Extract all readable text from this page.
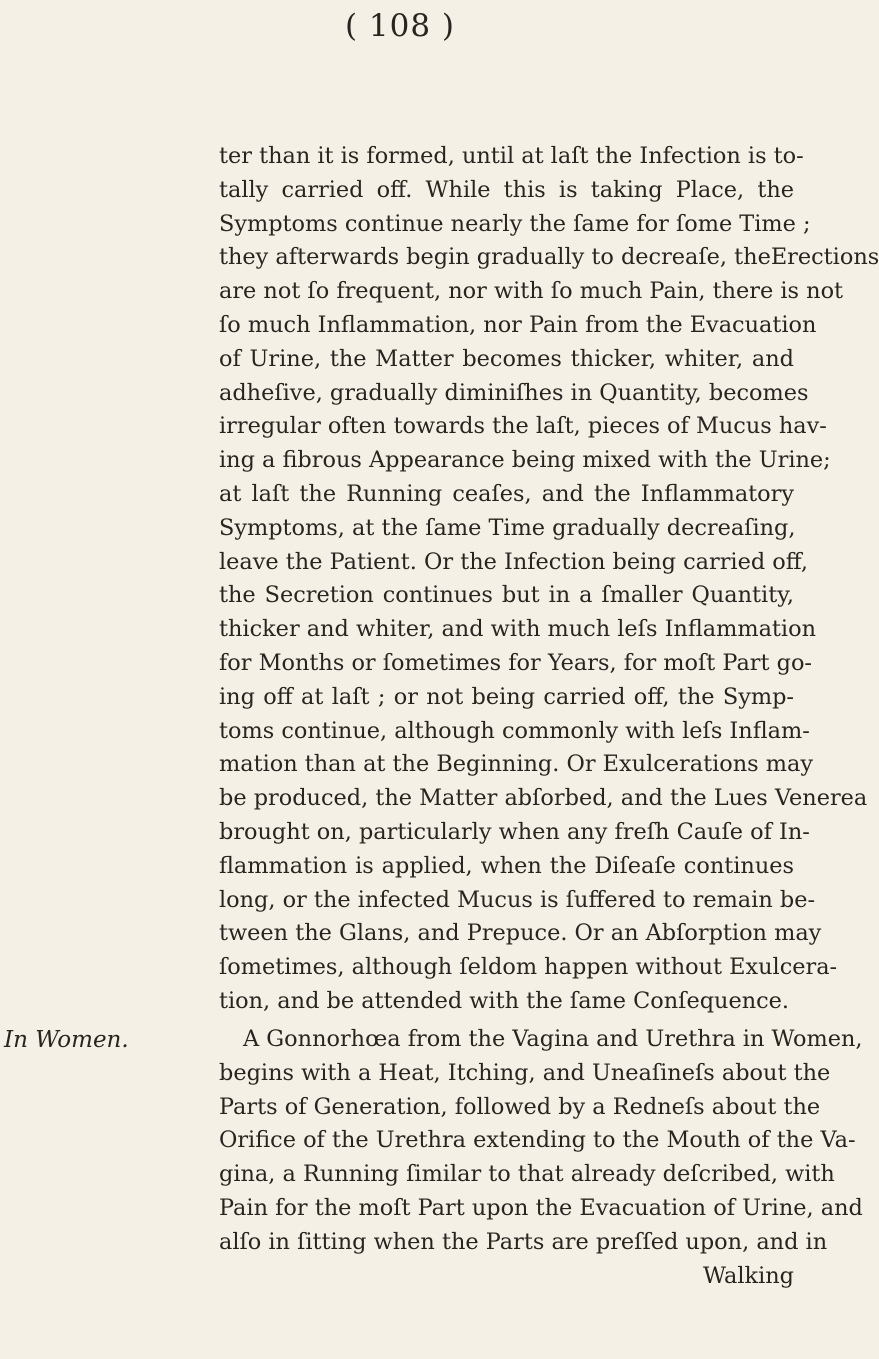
( 108 )
In Women.
ter than it is formed, until at laſt the Infection is to-
tally carried off. While this is taking Place, the
Symptoms continue nearly the ſame for ſome Time ;
they afterwards begin gradually to decreaſe, theErections
are not ſo frequent, nor with ſo much Pain, there is not
ſo much Inflammation, nor Pain from the Evacuation
of Urine, the Matter becomes thicker, whiter, and
adheſive, gradually diminiſhes in Quantity, becomes
irregular often towards the laſt, pieces of Mucus hav-
ing a fibrous Appearance being mixed with the Urine;
at laſt the Running ceaſes, and the Inflammatory
Symptoms, at the ſame Time gradually decreaſing,
leave the Patient. Or the Infection being carried off,
the Secretion continues but in a ſmaller Quantity,
thicker and whiter, and with much leſs Inflammation
for Months or ſometimes for Years, for moſt Part go-
ing off at laſt ; or not being carried off, the Symp-
toms continue, although commonly with leſs Inflam-
mation than at the Beginning. Or Exulcerations may
be produced, the Matter abſorbed, and the Lues Venerea
brought on, particularly when any freſh Cauſe of In-
flammation is applied, when the Diſeaſe continues
long, or the infected Mucus is ſuffered to remain be-
tween the Glans, and Prepuce. Or an Abſorption may
ſometimes, although ſeldom happen without Exulcera-
tion, and be attended with the ſame Conſequence.
A Gonnorhœa from the Vagina and Urethra in Women,
begins with a Heat, Itching, and Uneaſineſs about the
Parts of Generation, followed by a Redneſs about the
Orifice of the Urethra extending to the Mouth of the Va-
gina, a Running ſimilar to that already deſcribed, with
Pain for the moſt Part upon the Evacuation of Urine, and
alſo in ſitting when the Parts are preſſed upon, and in
Walking
